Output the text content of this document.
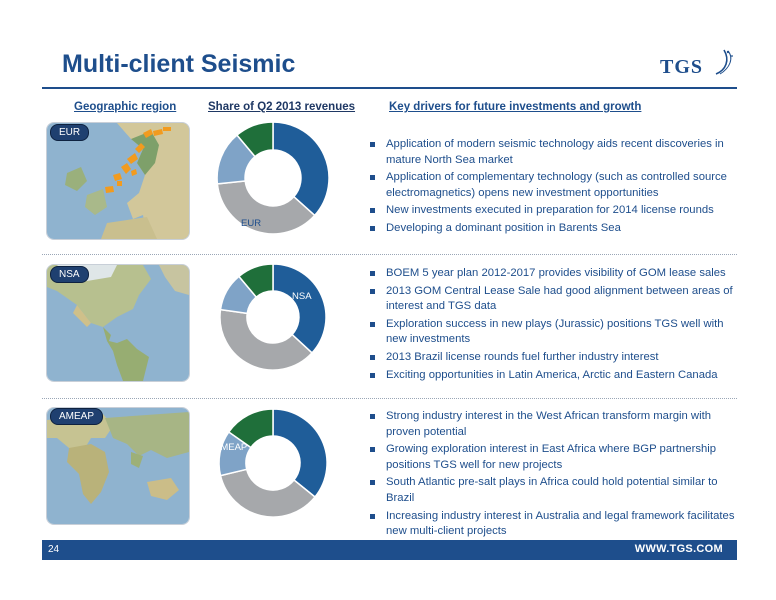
Multi-client Seismic	TGS
Geographic region	Share of Q2 2013 revenues	Key drivers for future investments and growth
EUR
EUR
Application of modern seismic technology aids recent discoveries in mature North Sea market
Application of complementary technology (such as controlled source electromagnetics) opens new investment opportunities
New investments executed in preparation for 2014 license rounds
Developing a dominant position in Barents Sea
NSA
NSA
BOEM 5 year plan 2012-2017 provides visibility of GOM lease sales
2013 GOM Central Lease Sale had good alignment between areas of interest and TGS data
Exploration success in new plays (Jurassic) positions TGS well with new investments
2013 Brazil license rounds fuel further industry interest
Exciting opportunities in Latin America, Arctic and Eastern Canada
AMEAP
AMEAP
Strong industry interest in the West African transform margin with proven potential
Growing exploration interest in East Africa where BGP partnership positions TGS well for new projects
South Atlantic pre-salt plays in Africa could hold potential similar to Brazil
Increasing industry interest in Australia and legal framework facilitates new multi-client projects
24	WWW.TGS.COM
